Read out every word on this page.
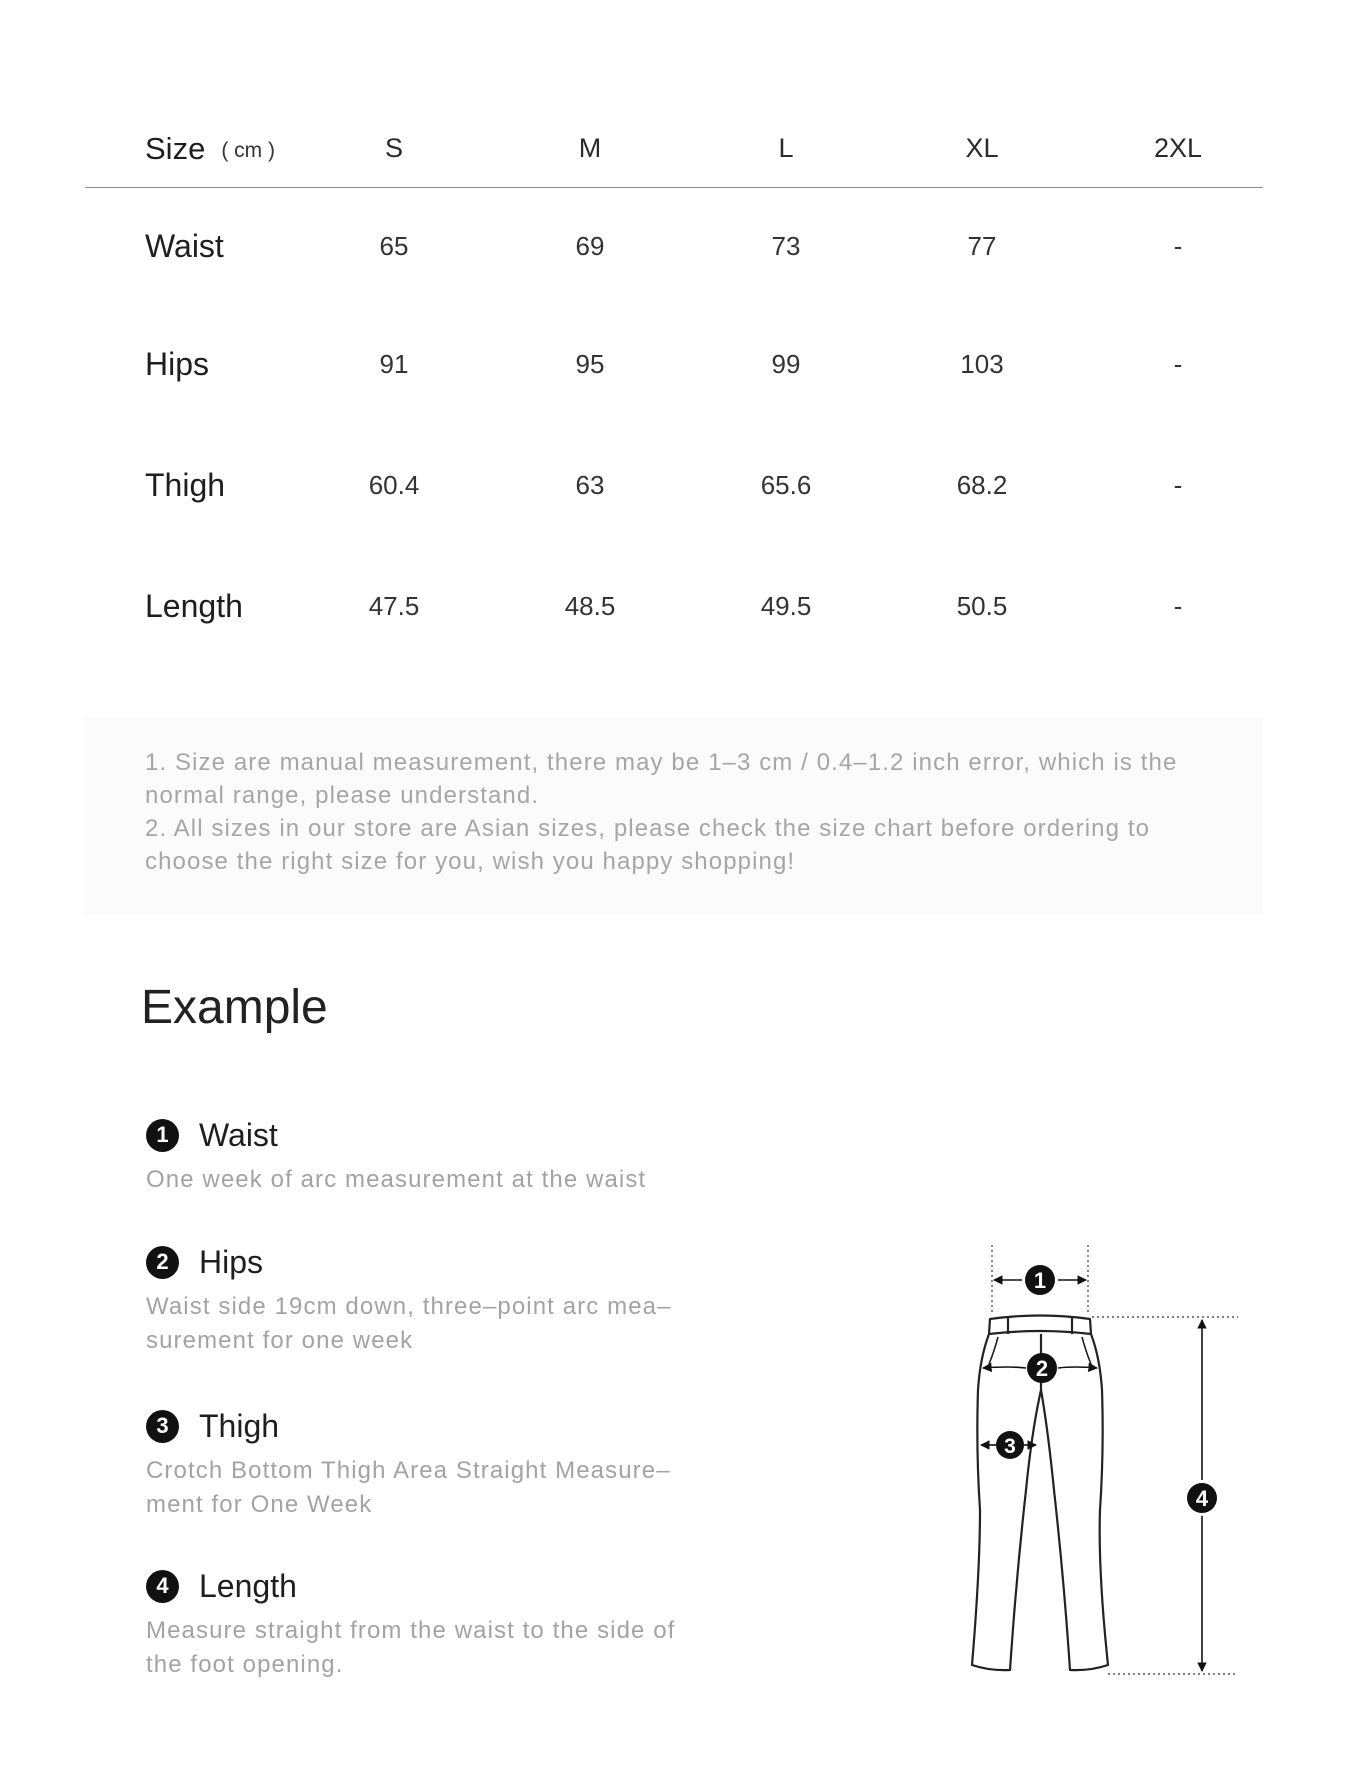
Size ( cm )	S	M	L	XL	2XL
Waist	65	69	73	77	-
Hips	91	95	99	103	-
Thigh	60.4	63	65.6	68.2	-
Length	47.5	48.5	49.5	50.5	-

1. Size are manual measurement, there may be 1–3 cm / 0.4–1.2 inch error, which is the normal range, please understand.

2. All sizes in our store are Asian sizes, please check the size chart before ordering to choose the right size for you, wish you happy shopping!

Example
1 Waist

One week of arc measurement at the waist

2 Hips

Waist side 19cm down, three–point arc mea–surement for one week

3 Thigh

Crotch Bottom Thigh Area Straight Measure–ment for One Week

4 Length

Measure straight from the waist to the side of the foot opening.

1
2
3
4
